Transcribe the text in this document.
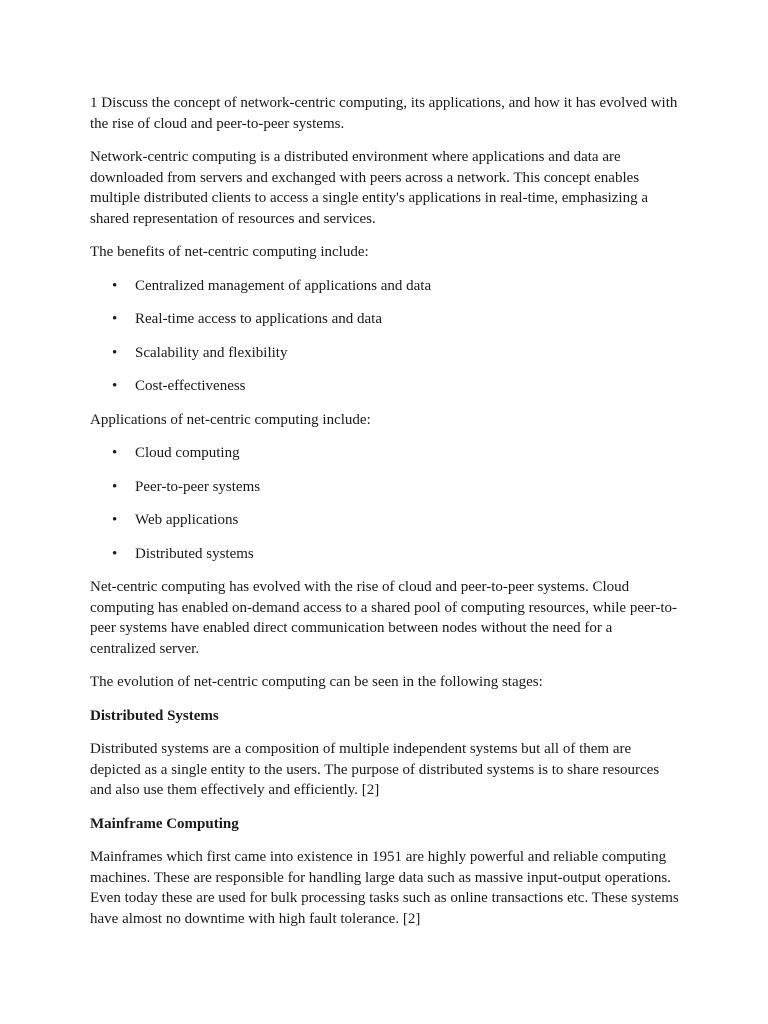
1 Discuss the concept of network-centric computing, its applications, and how it has evolved with the rise of cloud and peer-to-peer systems.

Network-centric computing is a distributed environment where applications and data are downloaded from servers and exchanged with peers across a network. This concept enables multiple distributed clients to access a single entity's applications in real-time, emphasizing a shared representation of resources and services.

The benefits of net-centric computing include:

• Centralized management of applications and data
• Real-time access to applications and data
• Scalability and flexibility
• Cost-effectiveness

Applications of net-centric computing include:

• Cloud computing
• Peer-to-peer systems
• Web applications
• Distributed systems

Net-centric computing has evolved with the rise of cloud and peer-to-peer systems. Cloud computing has enabled on-demand access to a shared pool of computing resources, while peer-to-peer systems have enabled direct communication between nodes without the need for a centralized server.

The evolution of net-centric computing can be seen in the following stages:

Distributed Systems

Distributed systems are a composition of multiple independent systems but all of them are depicted as a single entity to the users. The purpose of distributed systems is to share resources and also use them effectively and efficiently. [2]

Mainframe Computing

Mainframes which first came into existence in 1951 are highly powerful and reliable computing machines. These are responsible for handling large data such as massive input-output operations. Even today these are used for bulk processing tasks such as online transactions etc. These systems have almost no downtime with high fault tolerance. [2]
